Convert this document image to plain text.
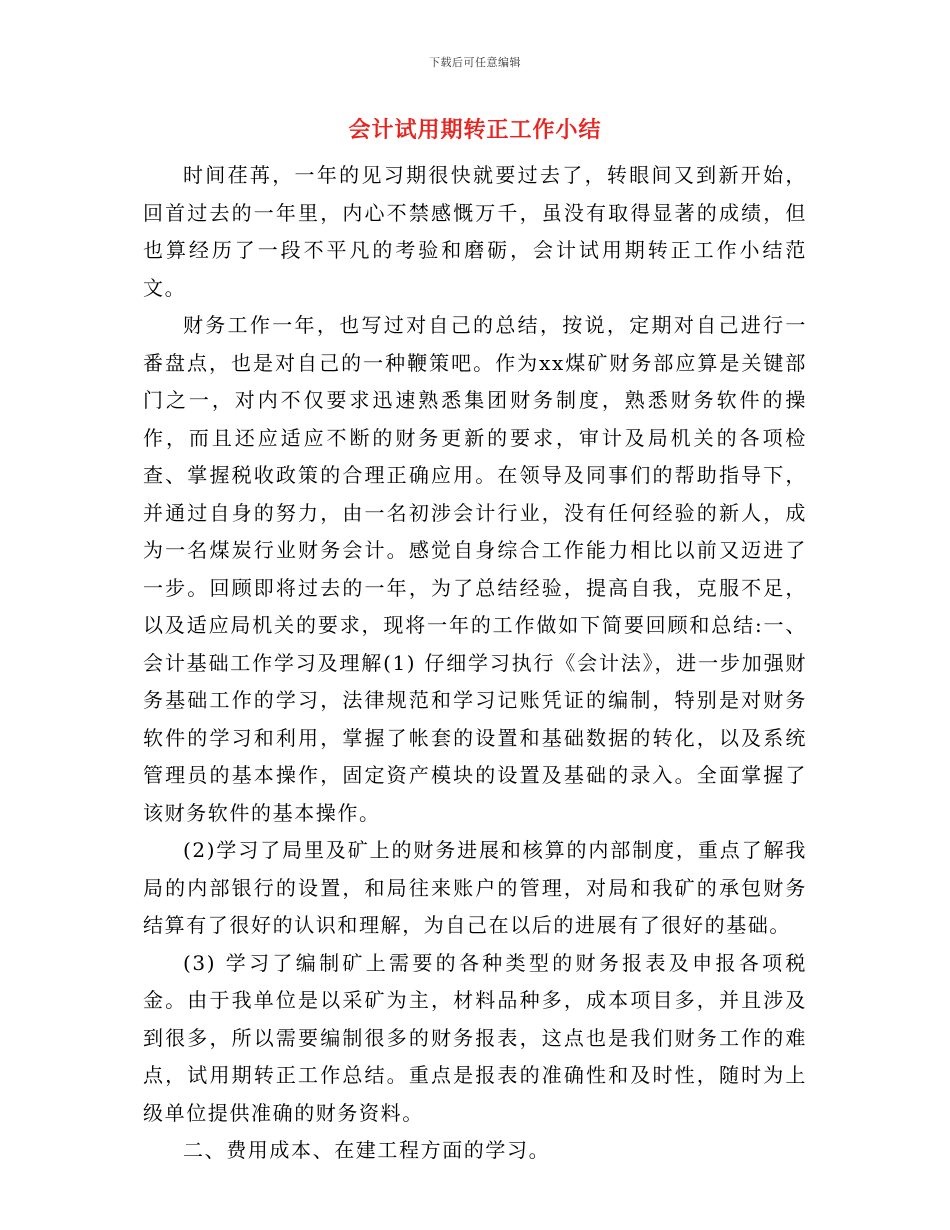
下载后可任意编辑
会计试用期转正工作小结

时间荏苒，一年的见习期很快就要过去了，转眼间又到新开始，回首过去的一年里，内心不禁感慨万千，虽没有取得显著的成绩，但也算经历了一段不平凡的考验和磨砺，会计试用期转正工作小结范文。

财务工作一年，也写过对自己的总结，按说，定期对自己进行一番盘点，也是对自己的一种鞭策吧。作为xx煤矿财务部应算是关键部门之一，对内不仅要求迅速熟悉集团财务制度，熟悉财务软件的操作，而且还应适应不断的财务更新的要求，审计及局机关的各项检查、掌握税收政策的合理正确应用。在领导及同事们的帮助指导下，并通过自身的努力，由一名初涉会计行业，没有任何经验的新人，成为一名煤炭行业财务会计。感觉自身综合工作能力相比以前又迈进了一步。回顾即将过去的一年，为了总结经验，提高自我，克服不足，以及适应局机关的要求，现将一年的工作做如下简要回顾和总结:一、 会计基础工作学习及理解(1) 仔细学习执行《会计法》，进一步加强财务基础工作的学习，法律规范和学习记账凭证的编制，特别是对财务软件的学习和利用，掌握了帐套的设置和基础数据的转化，以及系统管理员的基本操作，固定资产模块的设置及基础的录入。全面掌握了该财务软件的基本操作。

(2)学习了局里及矿上的财务进展和核算的内部制度，重点了解我局的内部银行的设置，和局往来账户的管理，对局和我矿的承包财务结算有了很好的认识和理解，为自己在以后的进展有了很好的基础。

(3) 学习了编制矿上需要的各种类型的财务报表及申报各项税金。由于我单位是以采矿为主，材料品种多，成本项目多，并且涉及到很多，所以需要编制很多的财务报表，这点也是我们财务工作的难点，试用期转正工作总结。重点是报表的准确性和及时性，随时为上级单位提供准确的财务资料。

二、费用成本、在建工程方面的学习。
